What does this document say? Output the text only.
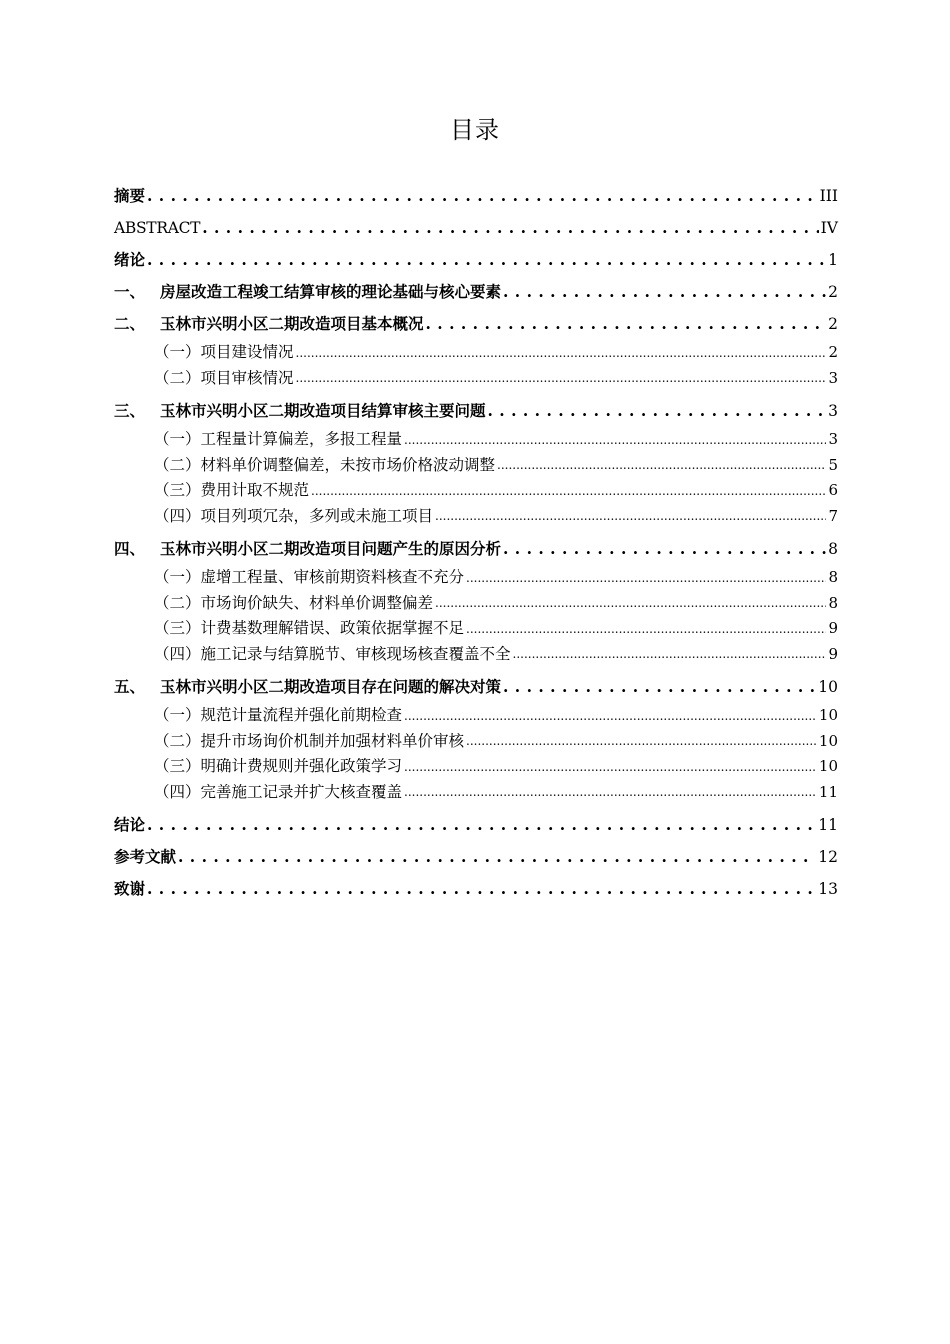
目录
摘要 . . .	III
ABSTRACT . . .	IV
绪论 . . .	1
一、 房屋改造工程竣工结算审核的理论基础与核心要素 . . .	2
二、 玉林市兴明小区二期改造项目基本概况 . . .	2
（一）项目建设情况 .....	2
（二）项目审核情况 .....	3
三、 玉林市兴明小区二期改造项目结算审核主要问题 . . .	3
（一）工程量计算偏差，多报工程量 .....	3
（二）材料单价调整偏差，未按市场价格波动调整 .....	5
（三）费用计取不规范 .....	6
（四）项目列项冗杂，多列或未施工项目 .....	7
四、 玉林市兴明小区二期改造项目问题产生的原因分析 . . .	8
（一）虚增工程量、审核前期资料核查不充分 .....	8
（二）市场询价缺失、材料单价调整偏差 .....	8
（三）计费基数理解错误、政策依据掌握不足 .....	9
（四）施工记录与结算脱节、审核现场核查覆盖不全 .....	9
五、 玉林市兴明小区二期改造项目存在问题的解决对策 . . .	10
（一）规范计量流程并强化前期检查 .....	10
（二）提升市场询价机制并加强材料单价审核 .....	10
（三）明确计费规则并强化政策学习 .....	10
（四）完善施工记录并扩大核查覆盖 .....	11
结论 . . .	11
参考文献 . . .	12
致谢 . . .	13
